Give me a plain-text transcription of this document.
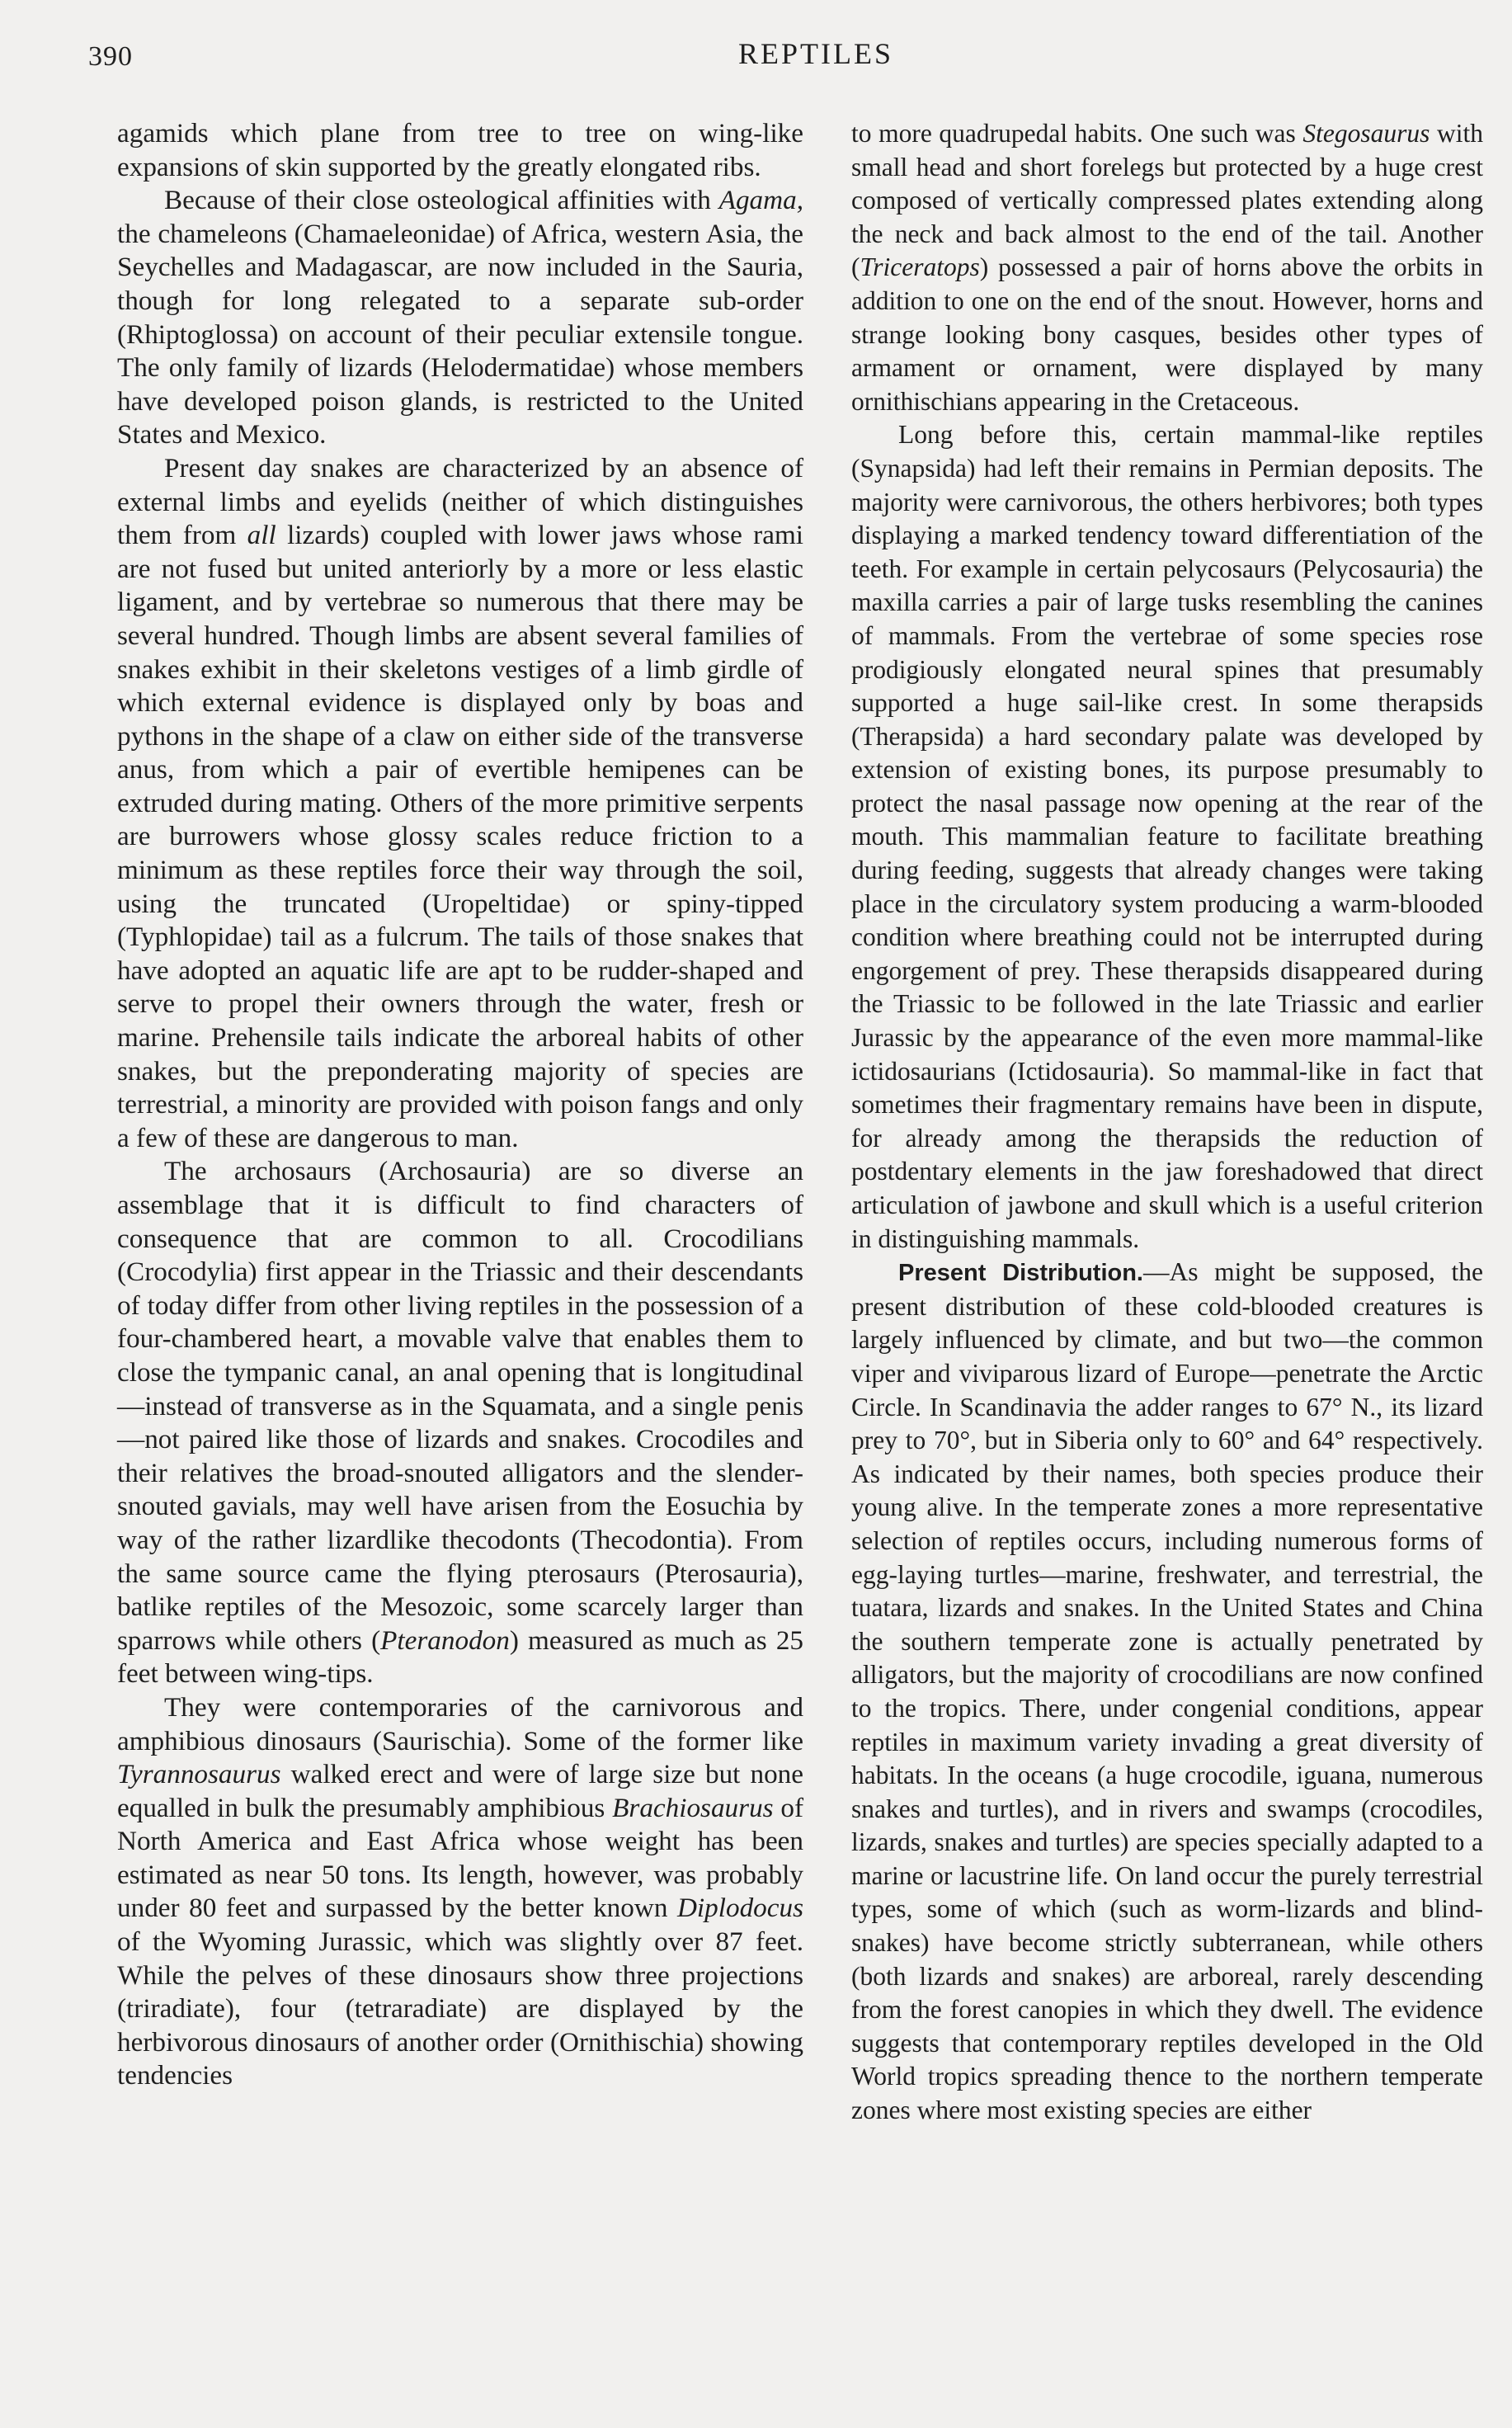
390	REPTILES

agamids which plane from tree to tree on wing-like expansions of skin supported by the greatly elongated ribs.

Because of their close osteological affinities with Agama, the chameleons (Chamaeleonidae) of Africa, western Asia, the Seychelles and Madagascar, are now included in the Sauria, though for long relegated to a separate sub-order (Rhiptoglossa) on account of their peculiar extensile tongue. The only family of lizards (Helodermatidae) whose members have developed poison glands, is restricted to the United States and Mexico.

Present day snakes are characterized by an absence of external limbs and eyelids (neither of which distinguishes them from all lizards) coupled with lower jaws whose rami are not fused but united anteriorly by a more or less elastic ligament, and by vertebrae so numerous that there may be several hundred. Though limbs are absent several families of snakes exhibit in their skeletons vestiges of a limb girdle of which external evidence is displayed only by boas and pythons in the shape of a claw on either side of the transverse anus, from which a pair of evertible hemipenes can be extruded during mating. Others of the more primitive serpents are burrowers whose glossy scales reduce friction to a minimum as these reptiles force their way through the soil, using the truncated (Uropeltidae) or spiny-tipped (Typhlopidae) tail as a fulcrum. The tails of those snakes that have adopted an aquatic life are apt to be rudder-shaped and serve to propel their owners through the water, fresh or marine. Prehensile tails indicate the arboreal habits of other snakes, but the preponderating majority of species are terrestrial, a minority are provided with poison fangs and only a few of these are dangerous to man.

The archosaurs (Archosauria) are so diverse an assemblage that it is difficult to find characters of consequence that are common to all. Crocodilians (Crocodylia) first appear in the Triassic and their descendants of today differ from other living reptiles in the possession of a four-chambered heart, a movable valve that enables them to close the tympanic canal, an anal opening that is longitudinal—instead of transverse as in the Squamata, and a single penis—not paired like those of lizards and snakes. Crocodiles and their relatives the broad-snouted alligators and the slender-snouted gavials, may well have arisen from the Eosuchia by way of the rather lizardlike thecodonts (Thecodontia). From the same source came the flying pterosaurs (Pterosauria), batlike reptiles of the Mesozoic, some scarcely larger than sparrows while others (Pteranodon) measured as much as 25 feet between wing-tips.

They were contemporaries of the carnivorous and amphibious dinosaurs (Saurischia). Some of the former like Tyrannosaurus walked erect and were of large size but none equalled in bulk the presumably amphibious Brachiosaurus of North America and East Africa whose weight has been estimated as near 50 tons. Its length, however, was probably under 80 feet and surpassed by the better known Diplodocus of the Wyoming Jurassic, which was slightly over 87 feet. While the pelves of these dinosaurs show three projections (triradiate), four (tetraradiate) are displayed by the herbivorous dinosaurs of another order (Ornithischia) showing tendencies

to more quadrupedal habits. One such was Stegosaurus with small head and short forelegs but protected by a huge crest composed of vertically compressed plates extending along the neck and back almost to the end of the tail. Another (Triceratops) possessed a pair of horns above the orbits in addition to one on the end of the snout. However, horns and strange looking bony casques, besides other types of armament or ornament, were displayed by many ornithischians appearing in the Cretaceous.

Long before this, certain mammal-like reptiles (Synapsida) had left their remains in Permian deposits. The majority were carnivorous, the others herbivores; both types displaying a marked tendency toward differentiation of the teeth. For example in certain pelycosaurs (Pelycosauria) the maxilla carries a pair of large tusks resembling the canines of mammals. From the vertebrae of some species rose prodigiously elongated neural spines that presumably supported a huge sail-like crest. In some therapsids (Therapsida) a hard secondary palate was developed by extension of existing bones, its purpose presumably to protect the nasal passage now opening at the rear of the mouth. This mammalian feature to facilitate breathing during feeding, suggests that already changes were taking place in the circulatory system producing a warm-blooded condition where breathing could not be interrupted during engorgement of prey. These therapsids disappeared during the Triassic to be followed in the late Triassic and earlier Jurassic by the appearance of the even more mammal-like ictidosaurians (Ictidosauria). So mammal-like in fact that sometimes their fragmentary remains have been in dispute, for already among the therapsids the reduction of postdentary elements in the jaw foreshadowed that direct articulation of jawbone and skull which is a useful criterion in distinguishing mammals.

Present Distribution.—As might be supposed, the present distribution of these cold-blooded creatures is largely influenced by climate, and but two—the common viper and viviparous lizard of Europe—penetrate the Arctic Circle. In Scandinavia the adder ranges to 67° N., its lizard prey to 70°, but in Siberia only to 60° and 64° respectively. As indicated by their names, both species produce their young alive. In the temperate zones a more representative selection of reptiles occurs, including numerous forms of egg-laying turtles—marine, freshwater, and terrestrial, the tuatara, lizards and snakes. In the United States and China the southern temperate zone is actually penetrated by alligators, but the majority of crocodilians are now confined to the tropics. There, under congenial conditions, appear reptiles in maximum variety invading a great diversity of habitats. In the oceans (a huge crocodile, iguana, numerous snakes and turtles), and in rivers and swamps (crocodiles, lizards, snakes and turtles) are species specially adapted to a marine or lacustrine life. On land occur the purely terrestrial types, some of which (such as worm-lizards and blind-snakes) have become strictly subterranean, while others (both lizards and snakes) are arboreal, rarely descending from the forest canopies in which they dwell. The evidence suggests that contemporary reptiles developed in the Old World tropics spreading thence to the northern temperate zones where most existing species are either
